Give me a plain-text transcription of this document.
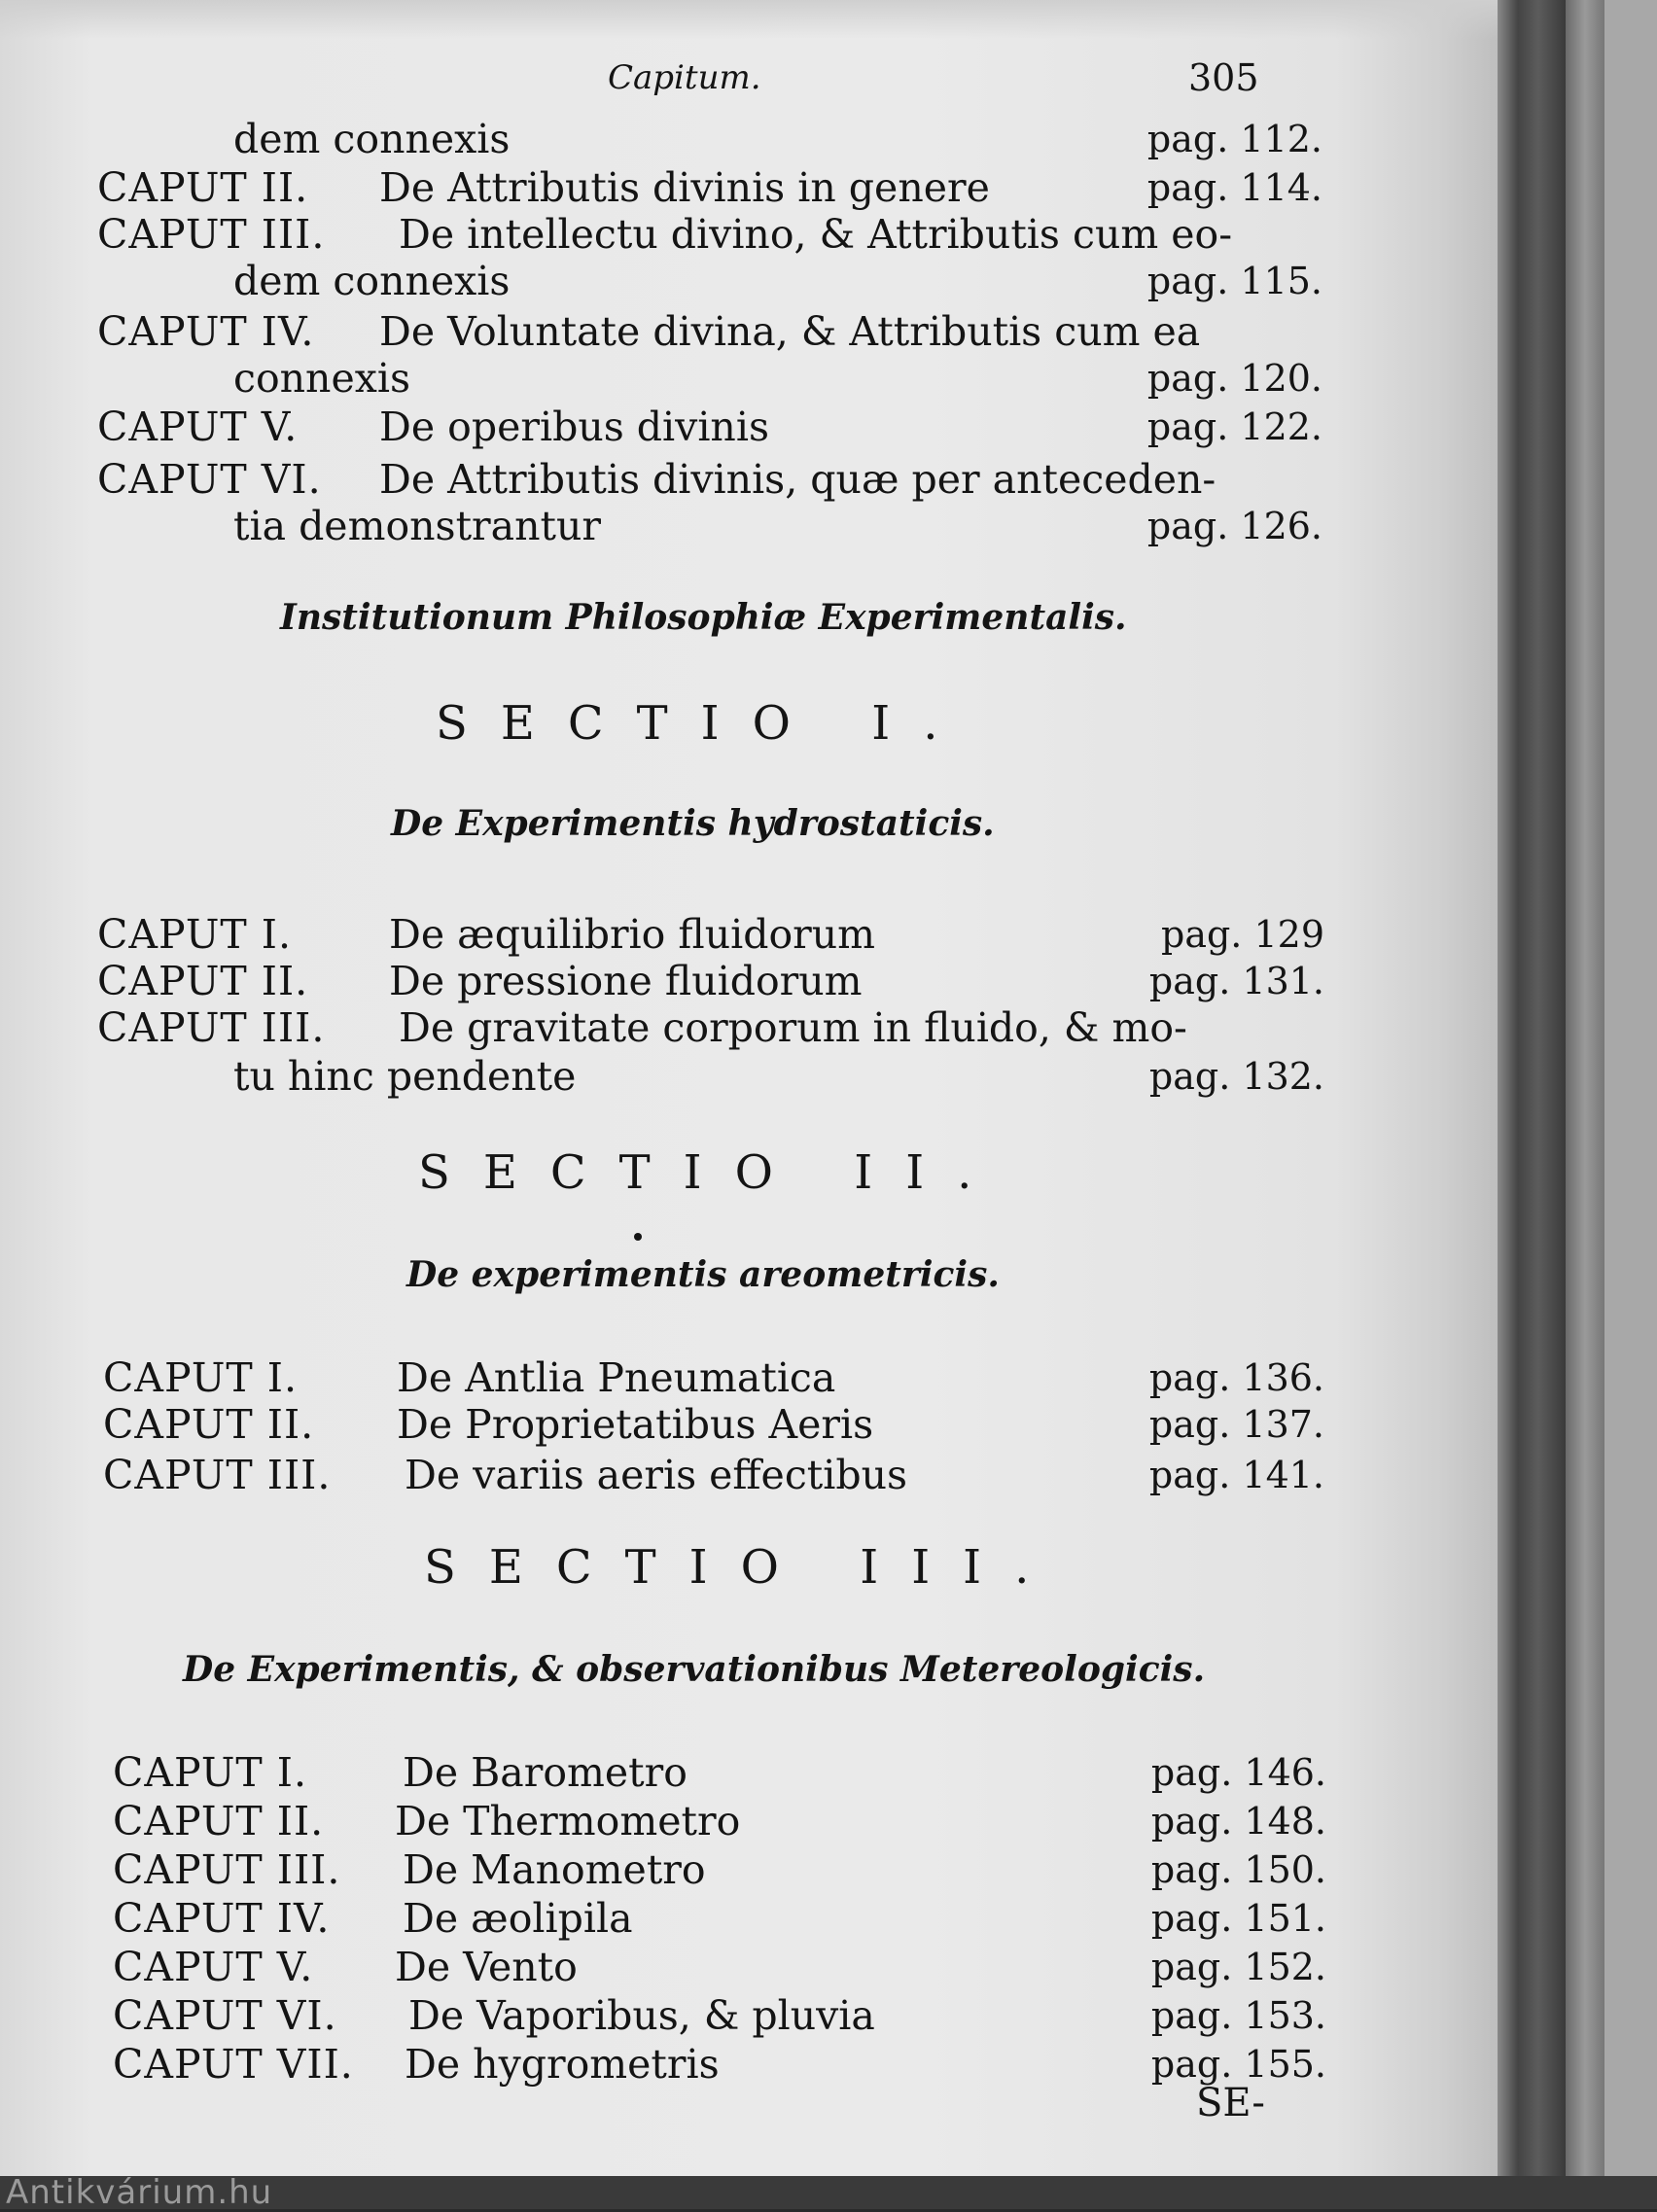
Capitum.	305
dem connexis	pag. 112.
CAPUT II. De Attributis divinis in genere	pag. 114.
CAPUT III. De intellectu divino, & Attributis cum eo-
dem connexis	pag. 115.
CAPUT IV. De Voluntate divina, & Attributis cum ea
connexis	pag. 120.
CAPUT V. De operibus divinis	pag. 122.
CAPUT VI. De Attributis divinis, quæ per anteceden-
tia demonstrantur	pag. 126.
Institutionum Philosophiæ Experimentalis.
SECTIO I.
De Experimentis hydrostaticis.
CAPUT I. De æquilibrio fluidorum	pag. 129
CAPUT II. De pressione fluidorum	pag. 131.
CAPUT III. De gravitate corporum in fluido, & mo-
tu hinc pendente	pag. 132.
SECTIO II.
De experimentis areometricis.
CAPUT I. De Antlia Pneumatica	pag. 136.
CAPUT II. De Proprietatibus Aeris	pag. 137.
CAPUT III. De variis aeris effectibus	pag. 141.
SECTIO III.
De Experimentis, & observationibus Metereologicis.
CAPUT I. De Barometro	pag. 146.
CAPUT II. De Thermometro	pag. 148.
CAPUT III. De Manometro	pag. 150.
CAPUT IV. De æolipila	pag. 151.
CAPUT V. De Vento	pag. 152.
CAPUT VI. De Vaporibus, & pluvia	pag. 153.
CAPUT VII. De hygrometris	pag. 155.
SE-
Antikvárium.hu
